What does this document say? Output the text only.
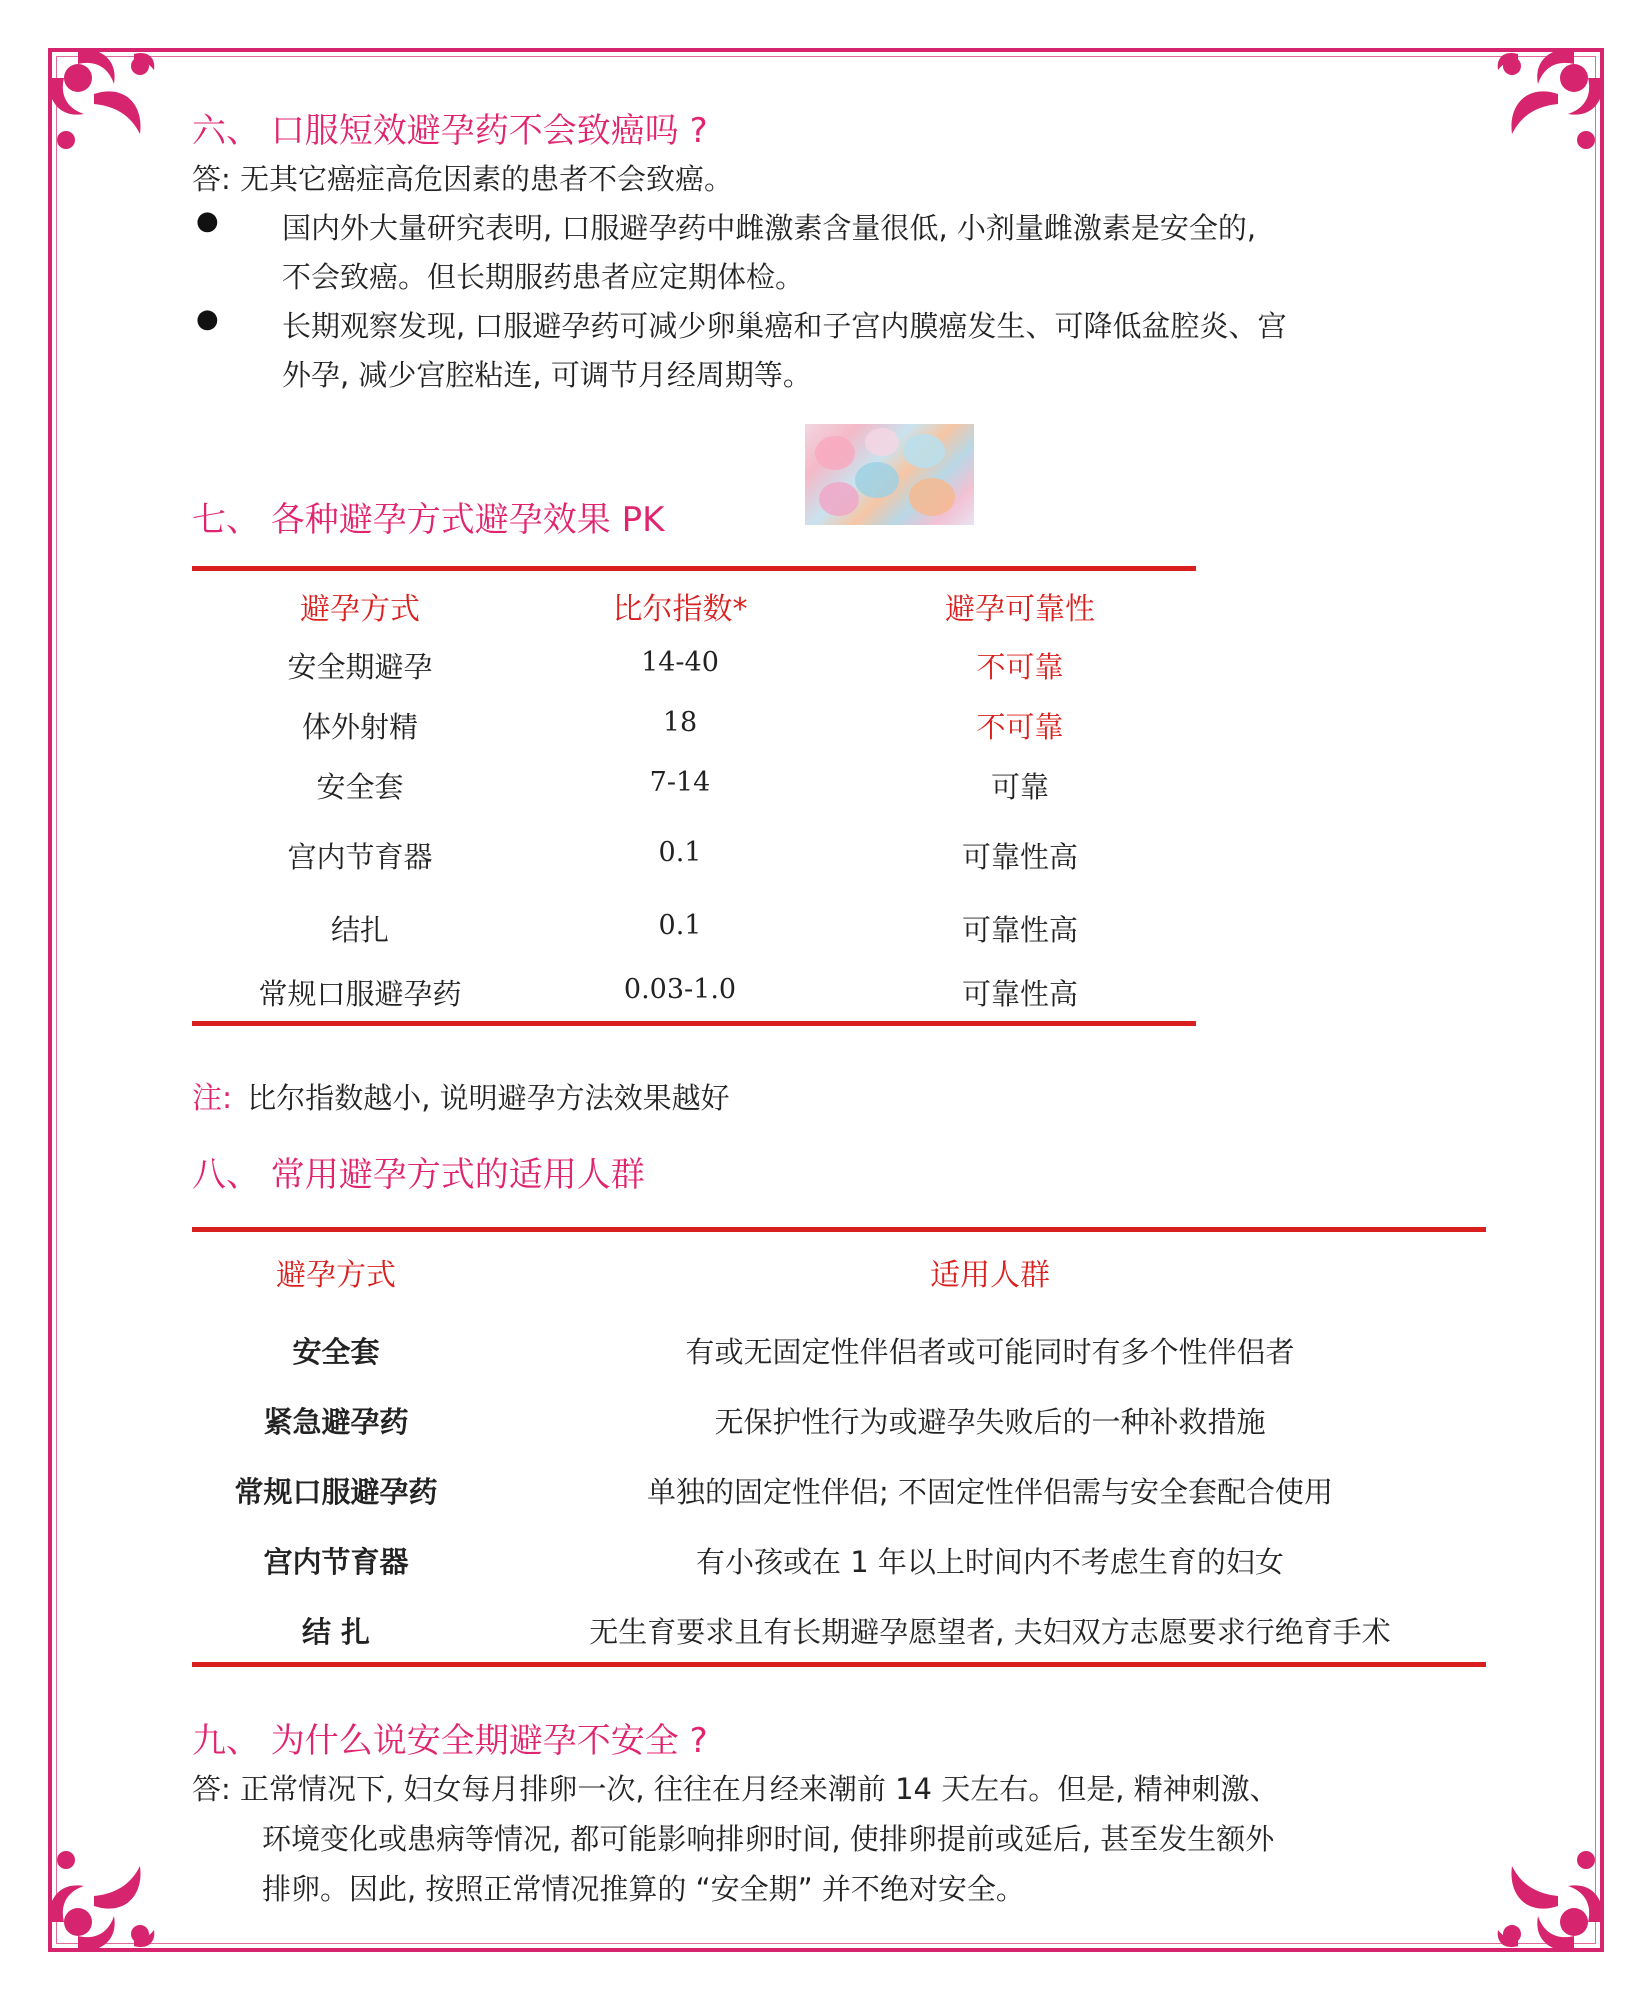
六、 口服短效避孕药不会致癌吗 ?
答: 无其它癌症高危因素的患者不会致癌。
● 国内外大量研究表明, 口服避孕药中雌激素含量很低, 小剂量雌激素是安全的,
不会致癌。但长期服药患者应定期体检。
● 长期观察发现, 口服避孕药可减少卵巢癌和子宫内膜癌发生、可降低盆腔炎、宫
外孕, 减少宫腔粘连, 可调节月经周期等。
七、 各种避孕方式避孕效果 PK
避孕方式	比尔指数*	避孕可靠性
安全期避孕	14-40	不可靠
体外射精	18	不可靠
安全套	7-14	可靠
宫内节育器	0.1	可靠性高
结扎	0.1	可靠性高
常规口服避孕药	0.03-1.0	可靠性高
注: 比尔指数越小, 说明避孕方法效果越好
八、 常用避孕方式的适用人群
避孕方式	适用人群
安全套	有或无固定性伴侣者或可能同时有多个性伴侣者
紧急避孕药	无保护性行为或避孕失败后的一种补救措施
常规口服避孕药	单独的固定性伴侣; 不固定性伴侣需与安全套配合使用
宫内节育器	有小孩或在 1 年以上时间内不考虑生育的妇女
结 扎	无生育要求且有长期避孕愿望者, 夫妇双方志愿要求行绝育手术
九、 为什么说安全期避孕不安全 ?
答: 正常情况下, 妇女每月排卵一次, 往往在月经来潮前 14 天左右。但是, 精神刺激、
环境变化或患病等情况, 都可能影响排卵时间, 使排卵提前或延后, 甚至发生额外
排卵。因此, 按照正常情况推算的 “安全期” 并不绝对安全。
